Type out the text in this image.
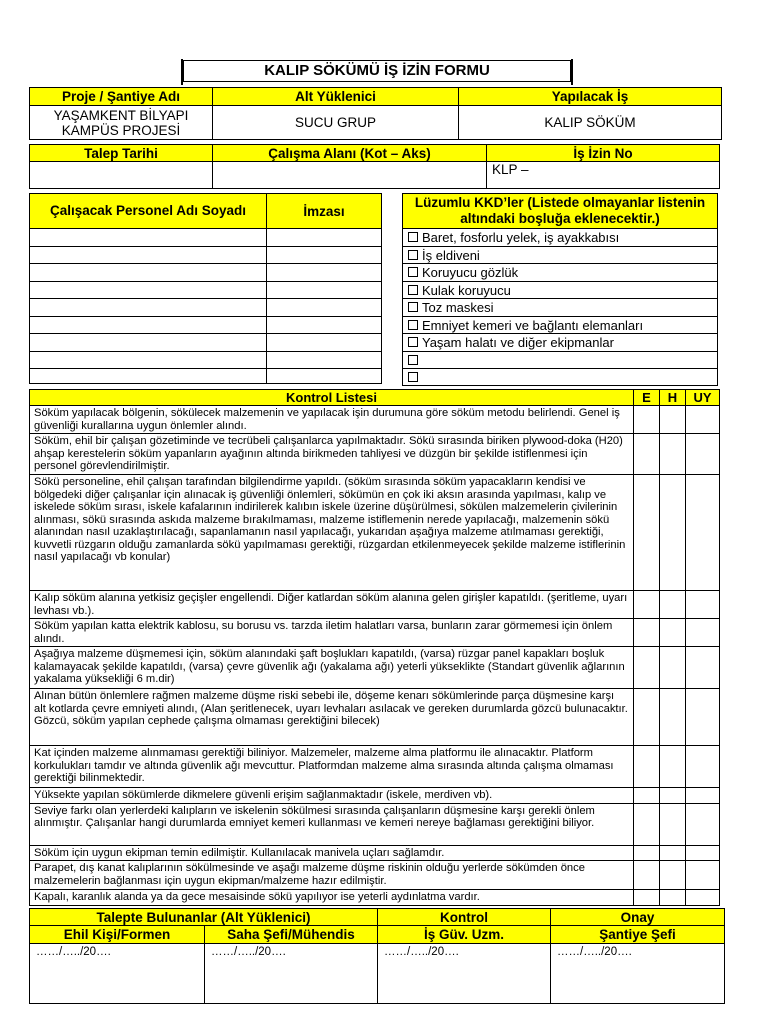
KALIP SÖKÜMÜ İŞ İZİN FORMU
Proje / Şantiye Adı	Alt Yüklenici	Yapılacak İş
YAŞAMKENT BİLYAPI KAMPÜS PROJESİ	SUCU GRUP	KALIP SÖKÜM
Talep Tarihi	Çalışma Alanı (Kot – Aks)	İş İzin No
		KLP –
Çalışacak Personel Adı Soyadı	İmzası

Lüzumlu KKD’ler (Listede olmayanlar listenin altındaki boşluğa eklenecektir.)
Baret, fosforlu yelek, iş ayakkabısı
İş eldiveni
Koruyucu gözlük
Kulak koruyucu
Toz maskesi
Emniyet kemeri ve bağlantı elemanları
Yaşam halatı ve diğer ekipmanlar

Kontrol Listesi	E	H	UY
Söküm yapılacak bölgenin, sökülecek malzemenin ve yapılacak işin durumuna göre söküm metodu belirlendi. Genel iş güvenliği kurallarına uygun önlemler alındı.			
Söküm, ehil bir çalışan gözetiminde ve tecrübeli çalışanlarca yapılmaktadır. Sökü sırasında biriken plywood-doka (H20) ahşap kerestelerin söküm yapanların ayağının altında birikmeden tahliyesi ve düzgün bir şekilde istiflenmesi için personel görevlendirilmiştir.			
Sökü personeline, ehil çalışan tarafından bilgilendirme yapıldı. (söküm sırasında söküm yapacakların kendisi ve bölgedeki diğer çalışanlar için alınacak iş güvenliği önlemleri, sökümün en çok iki aksın arasında yapılması, kalıp ve iskelede söküm sırası, iskele kafalarının indirilerek kalıbın iskele üzerine düşürülmesi, sökülen malzemelerin çivilerinin alınması, sökü sırasında askıda malzeme bırakılmaması, malzeme istiflemenin nerede yapılacağı, malzemenin sökü alanından nasıl uzaklaştırılacağı, sapanlamanın nasıl yapılacağı, yukarıdan aşağıya malzeme atılmaması gerektiği, kuvvetli rüzgarın olduğu zamanlarda sökü yapılmaması gerektiği, rüzgardan etkilenmeyecek şekilde malzeme istiflerinin nasıl yapılacağı vb konular)			
Kalıp söküm alanına yetkisiz geçişler engellendi. Diğer katlardan söküm alanına gelen girişler kapatıldı. (şeritleme, uyarı levhası vb.).			
Söküm yapılan katta elektrik kablosu, su borusu vs. tarzda iletim halatları varsa, bunların zarar görmemesi için önlem alındı.			
Aşağıya malzeme düşmemesi için, söküm alanındaki şaft boşlukları kapatıldı, (varsa) rüzgar panel kapakları boşluk kalamayacak şekilde kapatıldı, (varsa) çevre güvenlik ağı (yakalama ağı) yeterli yükseklikte (Standart güvenlik ağlarının yakalama yüksekliği 6 m.dir)			
Alınan bütün önlemlere rağmen malzeme düşme riski sebebi ile, döşeme kenarı sökümlerinde parça düşmesine karşı alt kotlarda çevre emniyeti alındı, (Alan şeritlenecek, uyarı levhaları asılacak ve gereken durumlarda gözcü bulunacaktır. Gözcü, söküm yapılan cephede çalışma olmaması gerektiğini bilecek)			
Kat içinden malzeme alınmaması gerektiği biliniyor. Malzemeler, malzeme alma platformu ile alınacaktır. Platform korkulukları tamdır ve altında güvenlik ağı mevcuttur. Platformdan malzeme alma sırasında altında çalışma olmaması gerektiği bilinmektedir.			
Yüksekte yapılan sökümlerde dikmelere güvenli erişim sağlanmaktadır (iskele, merdiven vb).			
Seviye farkı olan yerlerdeki kalıpların ve iskelenin sökülmesi sırasında çalışanların düşmesine karşı gerekli önlem alınmıştır. Çalışanlar hangi durumlarda emniyet kemeri kullanması ve kemeri nereye bağlaması gerektiğini biliyor.			
Söküm için uygun ekipman temin edilmiştir. Kullanılacak manivela uçları sağlamdır.			
Parapet, dış kanat kalıplarının sökülmesinde ve aşağı malzeme düşme riskinin olduğu yerlerde sökümden önce malzemelerin bağlanması için uygun ekipman/malzeme hazır edilmiştir.			
Kapalı, karanlık alanda ya da gece mesaisinde sökü yapılıyor ise yeterli aydınlatma vardır.			
Talepte Bulunanlar (Alt Yüklenici)		Kontrol	Onay
Ehil Kişi/Formen	Saha Şefi/Mühendis	İş Güv. Uzm.	Şantiye Şefi
……/…../20….	……/…../20….	……/…../20….	……/…../20….
